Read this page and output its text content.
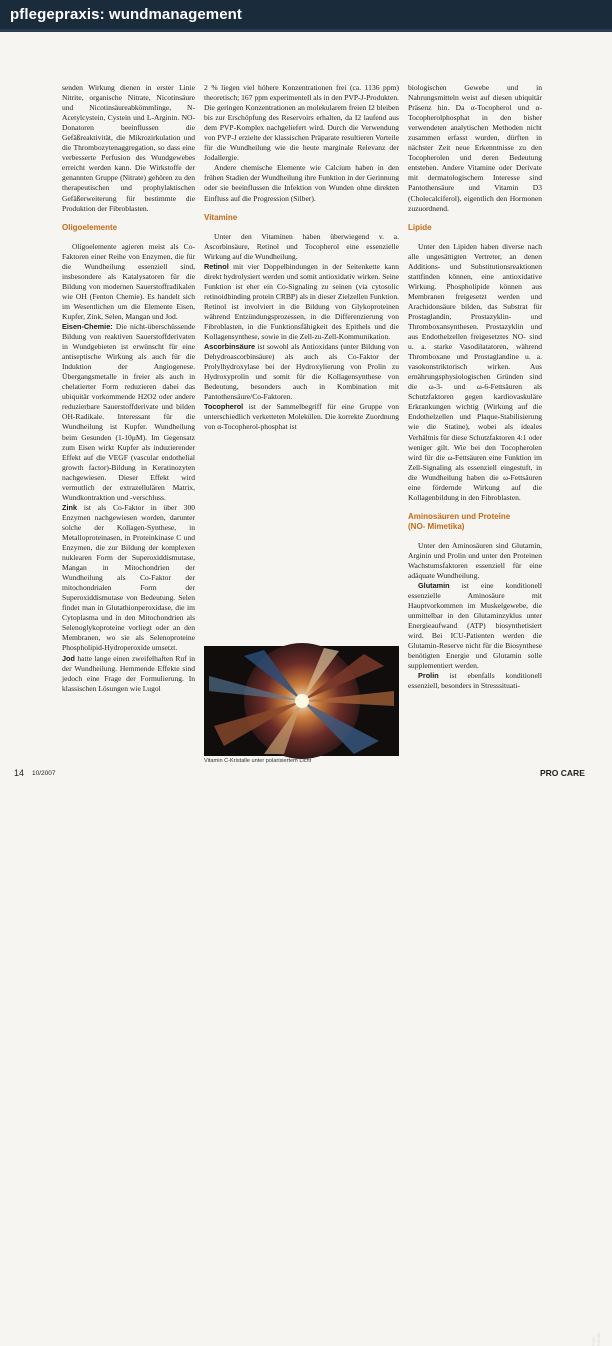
pflegepraxis: wundmanagement

senden Wirkung dienen in erster Linie Nitrite, organische Nitrate, Nicotinsäure und Nicotinsäureabkömmlinge, N-Acetylcystein, Cystein und L-Arginin. NO-Donatoren beeinflussen die Gefäßreaktivität, die Mikrozirkulation und die Thrombozytenaggregation, so dass eine verbesserte Perfusion des Wundgewebes erreicht werden kann. Die Wirkstoffe der genannten Gruppe (Nitrate) gehören zu den therapeutischen und prophylaktischen Gefäßerweiterung für bestimmte die Produktion der Fibroblasten.

Oligoelemente

Oligoelemente agieren meist als Co-Faktoren einer Reihe von Enzymen, die für die Wundheilung essenziell sind, insbesondere als Katalysatoren für die Bildung von modernen Sauerstoffradikalen wie OH (Fenton Chemie). Es handelt sich im Wesentlichen um die Elemente Eisen, Kupfer, Zink, Selen, Mangan und Jod.

Eisen-Chemie: Die nicht-überschüssende Bildung von reaktiven Sauerstoffderivaten in Wundgebieten ist erwünscht für eine antiseptische Wirkung als auch für die Induktion der Angiogenese. Übergangsmetalle in freier als auch in chelatierter Form reduzieren dabei das ubiquitär vorkommende H2O2 oder andere reduzierbare Sauerstoffderivate und bilden OH-Radikale. Interessant für die Wundheilung ist Kupfer. Wundheilung beim Gesunden (1-10μM). Im Gegensatz zum Eisen wirkt Kupfer als induzierender Effekt auf die VEGF (vascular endothelial growth factor)-Bildung in Keratinozyten nachgewiesen. Dieser Effekt wird vermutlich der extrazellulären Matrix, Wundkontraktion und -verschluss.

Zink ist als Co-Faktor in über 300 Enzymen nachgewiesen worden, darunter solche der Kollagen-Synthese, in Metalloproteinasen, in Proteinkinase C und Enzymen, die zur Bildung der komplexen nuklearen Form der Superoxiddismutase, Mangan in Mitochondrien der Wundheilung als Co-Faktor der mitochondrialen Form der Superoxiddismutase von Bedeutung. Selen findet man in Glutathionperoxidase, die im Cytoplasma und in den Mitochondrien als Selenoglykoproteine vorliegt oder an den Membranen, wo sie als Selenoproteine Phospholipid-Hydroperoxide umsetzt.

Jod hatte lange einen zweifelhaften Ruf in der Wundheilung. Hemmende Effekte sind jedoch eine Frage der Formulierung. In klassischen Lösungen wie Lugol

2 % liegen viel höhere Konzentrationen frei (ca. 1136 ppm) theoretisch; 167 ppm experimentell als in den PVP-J-Produkten. Die geringen Konzentrationen an molekularem freien I2 bleiben bis zur Erschöpfung des Reservoirs erhalten, da I2 laufend aus dem PVP-Komplex nachgeliefert wird. Durch die Verwendung von PVP-J erzielte der klassischen Präparate resultieren Vorteile für die Wundheilung wie die heute marginale Relevanz der Jodallergie.

Andere chemische Elemente wie Calcium haben in den frühen Stadien der Wundheilung ihre Funktion in der Gerinnung oder sie beeinflussen die Infektion von Wunden ohne direkten Einfluss auf die Progression (Silber).

Vitamine

Unter den Vitaminen haben überwiegend v. a. Ascorbinsäure, Retinol und Tocopherol eine essenzielle Wirkung auf die Wundheilung.

Retinol mit vier Doppelbindungen in der Seitenkette kann direkt hydrolysiert werden und somit antioxidativ wirken. Seine Funktion ist eher ein Co-Signaling zu seinen (via cytosolic retinoidbinding protein CRBP) als in dieser Zielzellen Funktion. Retinol ist involviert in die Bildung von Glykoproteinen während Entzündungsprozessen, in die Differenzierung von Fibroblasten, in die Funktionsfähigkeit des Epithels und die Kollagensynthese, sowie in die Zell-zu-Zell-Kommunikation.

Ascorbinsäure ist sowohl als Antioxidans (unter Bildung von Dehydroascorbinsäure) als auch als Co-Faktor der Prolylhydroxylase bei der Hydroxylierung von Prolin zu Hydroxyprolin und somit für die Kollagensynthese von Bedeutung, besonders auch in Kombination mit Pantothensäure/Co-Faktoren.

Tocopherol ist der Sammelbegriff für eine Gruppe von unterschiedlich verketteten Molekülen. Die korrekte Zuordnung von α-Tocopherol-phosphat ist

Foto: Fotolia
Vitamin C-Kristalle unter polarisiertem Licht

biologischen Gewebe und in Nahrungsmitteln weist auf diesen ubiquitär Präsenz hin. Da α-Tocopherol und α-Tocopherolphosphat in den bisher verwendeten analytischen Methoden nicht zusammen erfasst wurden, dürften in nächster Zeit neue Erkenntnisse zu den Tocopherolen und deren Bedeutung entstehen. Andere Vitamine oder Derivate mit dermatologischem Interesse sind Pantothensäure und Vitamin D3 (Cholecalciferol), eigentlich den Hormonen zuzuordnend.

Lipide

Unter den Lipiden haben diverse nach alle ungesättigten Vertreter, an denen Additions- und Substitutionsreaktionen stattfinden können, eine antioxidative Wirkung. Phospholipide können aus Membranen freigesetzt werden und Arachidonsäure bilden, das Substrat für Prostaglandin, Prostazyklin- und Thromboxansynthesen. Prostazyklin und aus Endothelzellen freigesetztes NO- sind u. a. starke Vasodilatatoren, während Thromboxane und Prostaglandine u. a. vasokonstriktorisch wirken. Aus ernährungsphysiologischen Gründen sind die ω-3- und ω-6-Fettsäuren als Schutzfaktoren gegen kardiovaskuläre Erkrankungen wichtig (Wirkung auf die Endothelzellen und Plaque-Stabilisierung wie die Statine), wobei als ideales Verhältnis für diese Schutzfaktoren 4:1 oder weniger gilt. Wie bei den Tocopherolen wird für die ω-Fettsäuren eine Funktion im Zell-Signaling als essenziell eingestuft, in die Wundheilung haben die ω-Fettsäuren eine fördernde Wirkung auf die Kollagenbildung in den Fibroblasten.

Aminosäuren und Proteine
(NO- Mimetika)

Unter den Aminosäuren sind Glutamin, Arginin und Prolin und unter den Proteinen Wachstumsfaktoren essenziell für eine adäquate Wundheilung.

Glutamin ist eine konditionell essenzielle Aminosäure mit Hauptvorkommen im Muskelgewebe, die unmittelbar in den Glutaminzyklus unter Energieaufwand (ATP) biosynthetisiert wird. Bei ICU-Patienten werden die Glutamin-Reserve nicht für die Biosynthese benötigten Energie und Glutamin solle supplementiert werden.

Prolin ist ebenfalls konditionell essenziell, besonders in Stresssituati-

14 10/2007	PRO CARE
